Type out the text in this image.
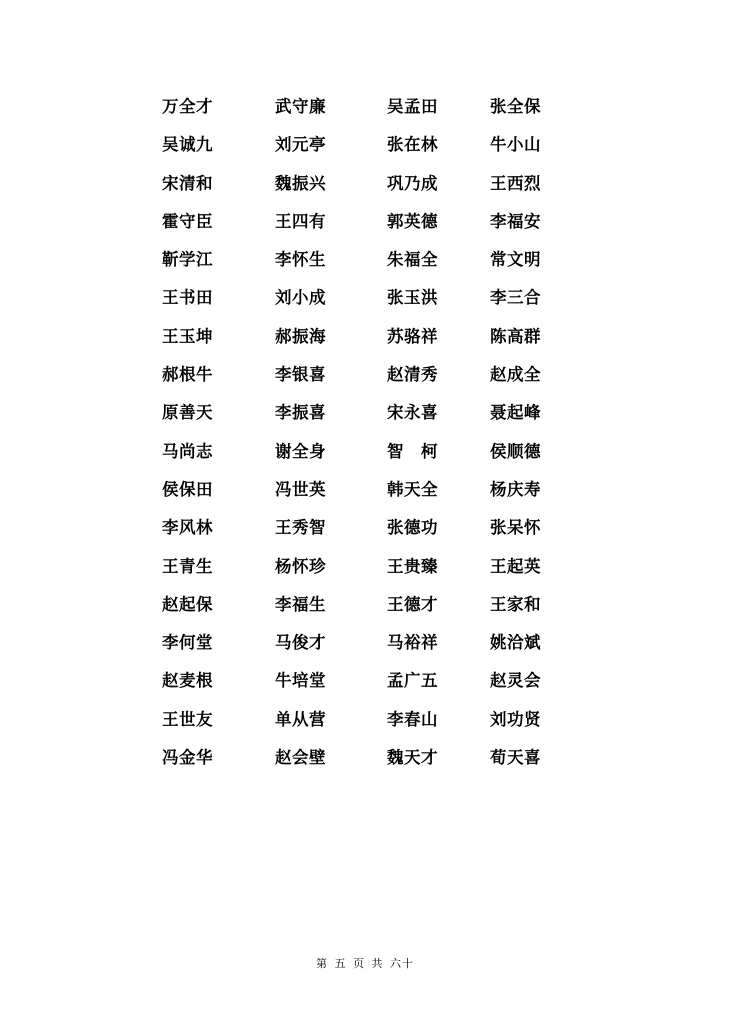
万全才	武守廉	吴孟田	张全保
吴诚九	刘元亭	张在林	牛小山
宋清和	魏振兴	巩乃成	王西烈
霍守臣	王四有	郭英德	李福安
靳学江	李怀生	朱福全	常文明
王书田	刘小成	张玉洪	李三合
王玉坤	郝振海	苏骆祥	陈高群
郝根牛	李银喜	赵清秀	赵成全
原善天	李振喜	宋永喜	聂起峰
马尚志	谢全身	智　柯	侯顺德
侯保田	冯世英	韩天全	杨庆寿
李风林	王秀智	张德功	张呆怀
王青生	杨怀珍	王贵臻	王起英
赵起保	李福生	王德才	王家和
李何堂	马俊才	马裕祥	姚洽斌
赵麦根	牛培堂	孟广五	赵灵会
王世友	单从营	李春山	刘功贤
冯金华	赵会壁	魏天才	荀天喜
第 五 页 共 六十
